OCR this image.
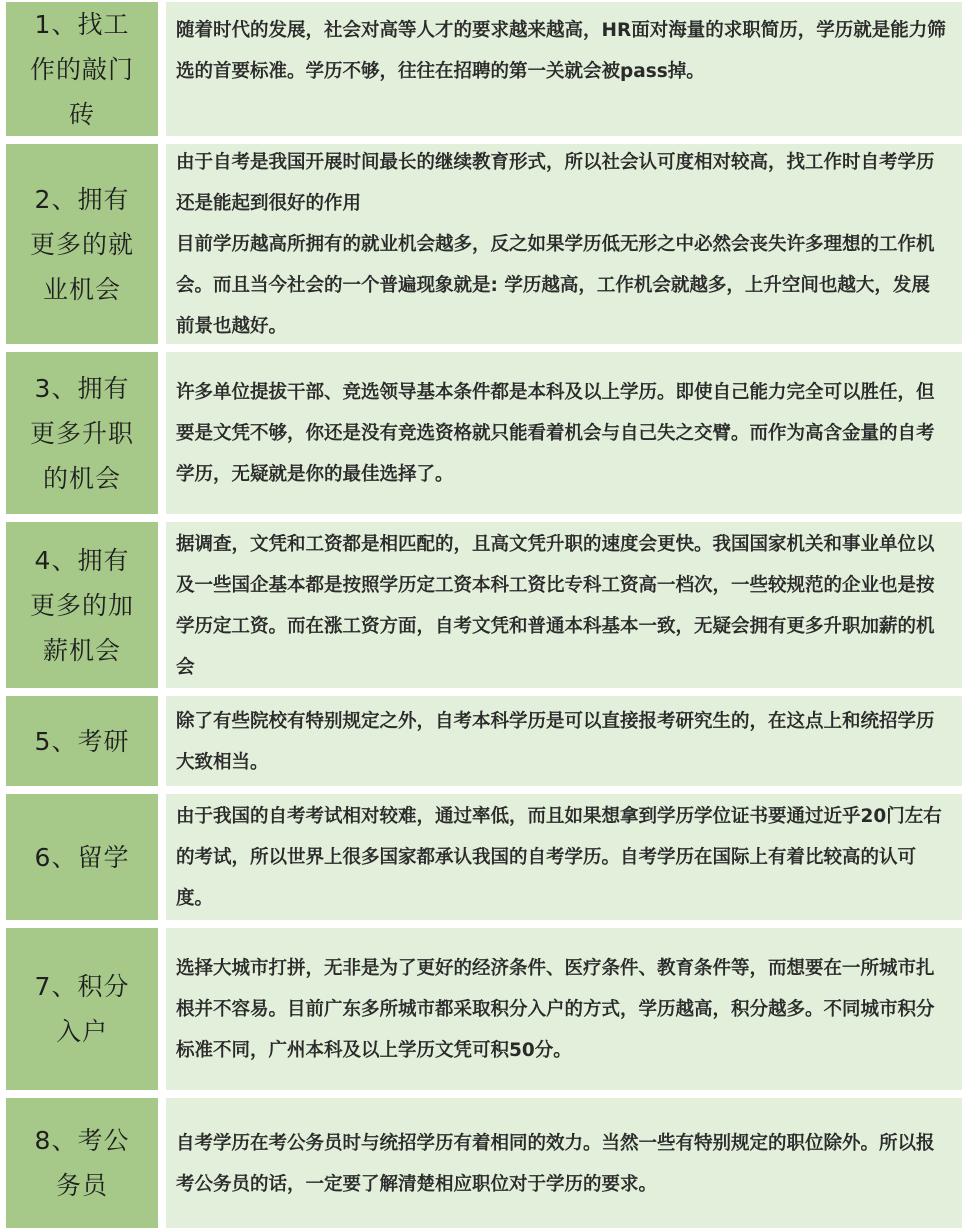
1、找工作的敲门砖
随着时代的发展，社会对高等人才的要求越来越高，HR面对海量的求职简历，学历就是能力筛选的首要标准。学历不够，往往在招聘的第一关就会被pass掉。
2、拥有更多的就业机会
由于自考是我国开展时间最长的继续教育形式，所以社会认可度相对较高，找工作时自考学历还是能起到很好的作用
目前学历越高所拥有的就业机会越多，反之如果学历低无形之中必然会丧失许多理想的工作机会。而且当今社会的一个普遍现象就是: 学历越高，工作机会就越多，上升空间也越大，发展前景也越好。
3、拥有更多升职的机会
许多单位提拔干部、竞选领导基本条件都是本科及以上学历。即使自己能力完全可以胜任，但要是文凭不够，你还是没有竞选资格就只能看着机会与自己失之交臂。而作为高含金量的自考学历，无疑就是你的最佳选择了。
4、拥有更多的加薪机会
据调查，文凭和工资都是相匹配的，且高文凭升职的速度会更快。我国国家机关和事业单位以及一些国企基本都是按照学历定工资本科工资比专科工资高一档次，一些较规范的企业也是按学历定工资。而在涨工资方面，自考文凭和普通本科基本一致，无疑会拥有更多升职加薪的机会
5、考研
除了有些院校有特别规定之外，自考本科学历是可以直接报考研究生的，在这点上和统招学历大致相当。
6、留学
由于我国的自考考试相对较难，通过率低，而且如果想拿到学历学位证书要通过近乎20门左右的考试，所以世界上很多国家都承认我国的自考学历。自考学历在国际上有着比较高的认可度。
7、积分入户
选择大城市打拼，无非是为了更好的经济条件、医疗条件、教育条件等，而想要在一所城市扎根并不容易。目前广东多所城市都采取积分入户的方式，学历越高，积分越多。不同城市积分标准不同，广州本科及以上学历文凭可积50分。
8、考公务员
自考学历在考公务员时与统招学历有着相同的效力。当然一些有特别规定的职位除外。所以报考公务员的话，一定要了解清楚相应职位对于学历的要求。
